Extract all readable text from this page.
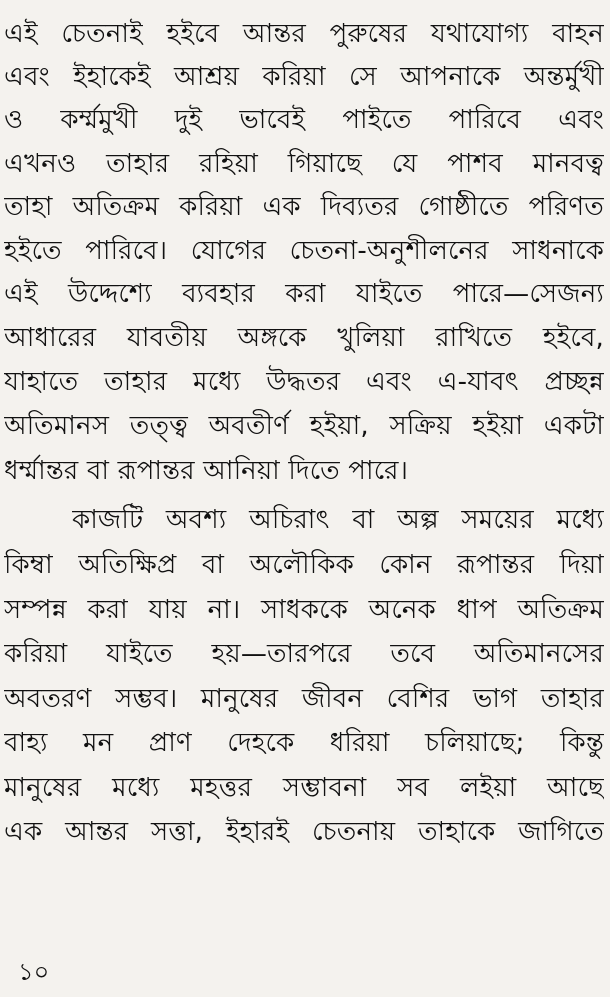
এই চেতনাই হইবে আন্তর পুরুষের যথাযোগ্য বাহন
এবং ইহাকেই আশ্রয় করিয়া সে আপনাকে অন্তর্মুখী
ও কর্ম্মমুখী দুই ভাবেই পাইতে পারিবে এবং
এখনও তাহার রহিয়া গিয়াছে যে পাশব মানবত্ব
তাহা অতিক্রম করিয়া এক দিব্যতর গোষ্ঠীতে পরিণত
হইতে পারিবে। যোগের চেতনা-অনুশীলনের সাধনাকে
এই উদ্দেশ্যে ব্যবহার করা যাইতে পারে—সেজন্য
আধারের যাবতীয় অঙ্গকে খুলিয়া রাখিতে হইবে,
যাহাতে তাহার মধ্যে উদ্ধতর এবং এ-যাবৎ প্রচ্ছন্ন
অতিমানস তত্ত্ব অবতীর্ণ হইয়া, সক্রিয় হইয়া একটা
ধর্ম্মান্তর বা রূপান্তর আনিয়া দিতে পারে।
কাজটি অবশ্য অচিরাৎ বা অল্প সময়ের মধ্যে
কিম্বা অতিক্ষিপ্র বা অলৌকিক কোন রূপান্তর দিয়া
সম্পন্ন করা যায় না। সাধককে অনেক ধাপ অতিক্রম
করিয়া যাইতে হয়—তারপরে তবে অতিমানসের
অবতরণ সম্ভব। মানুষের জীবন বেশির ভাগ তাহার
বাহ্য মন প্রাণ দেহকে ধরিয়া চলিয়াছে; কিন্তু
মানুষের মধ্যে মহত্তর সম্ভাবনা সব লইয়া আছে
এক আন্তর সত্তা, ইহারই চেতনায় তাহাকে জাগিতে
১০
